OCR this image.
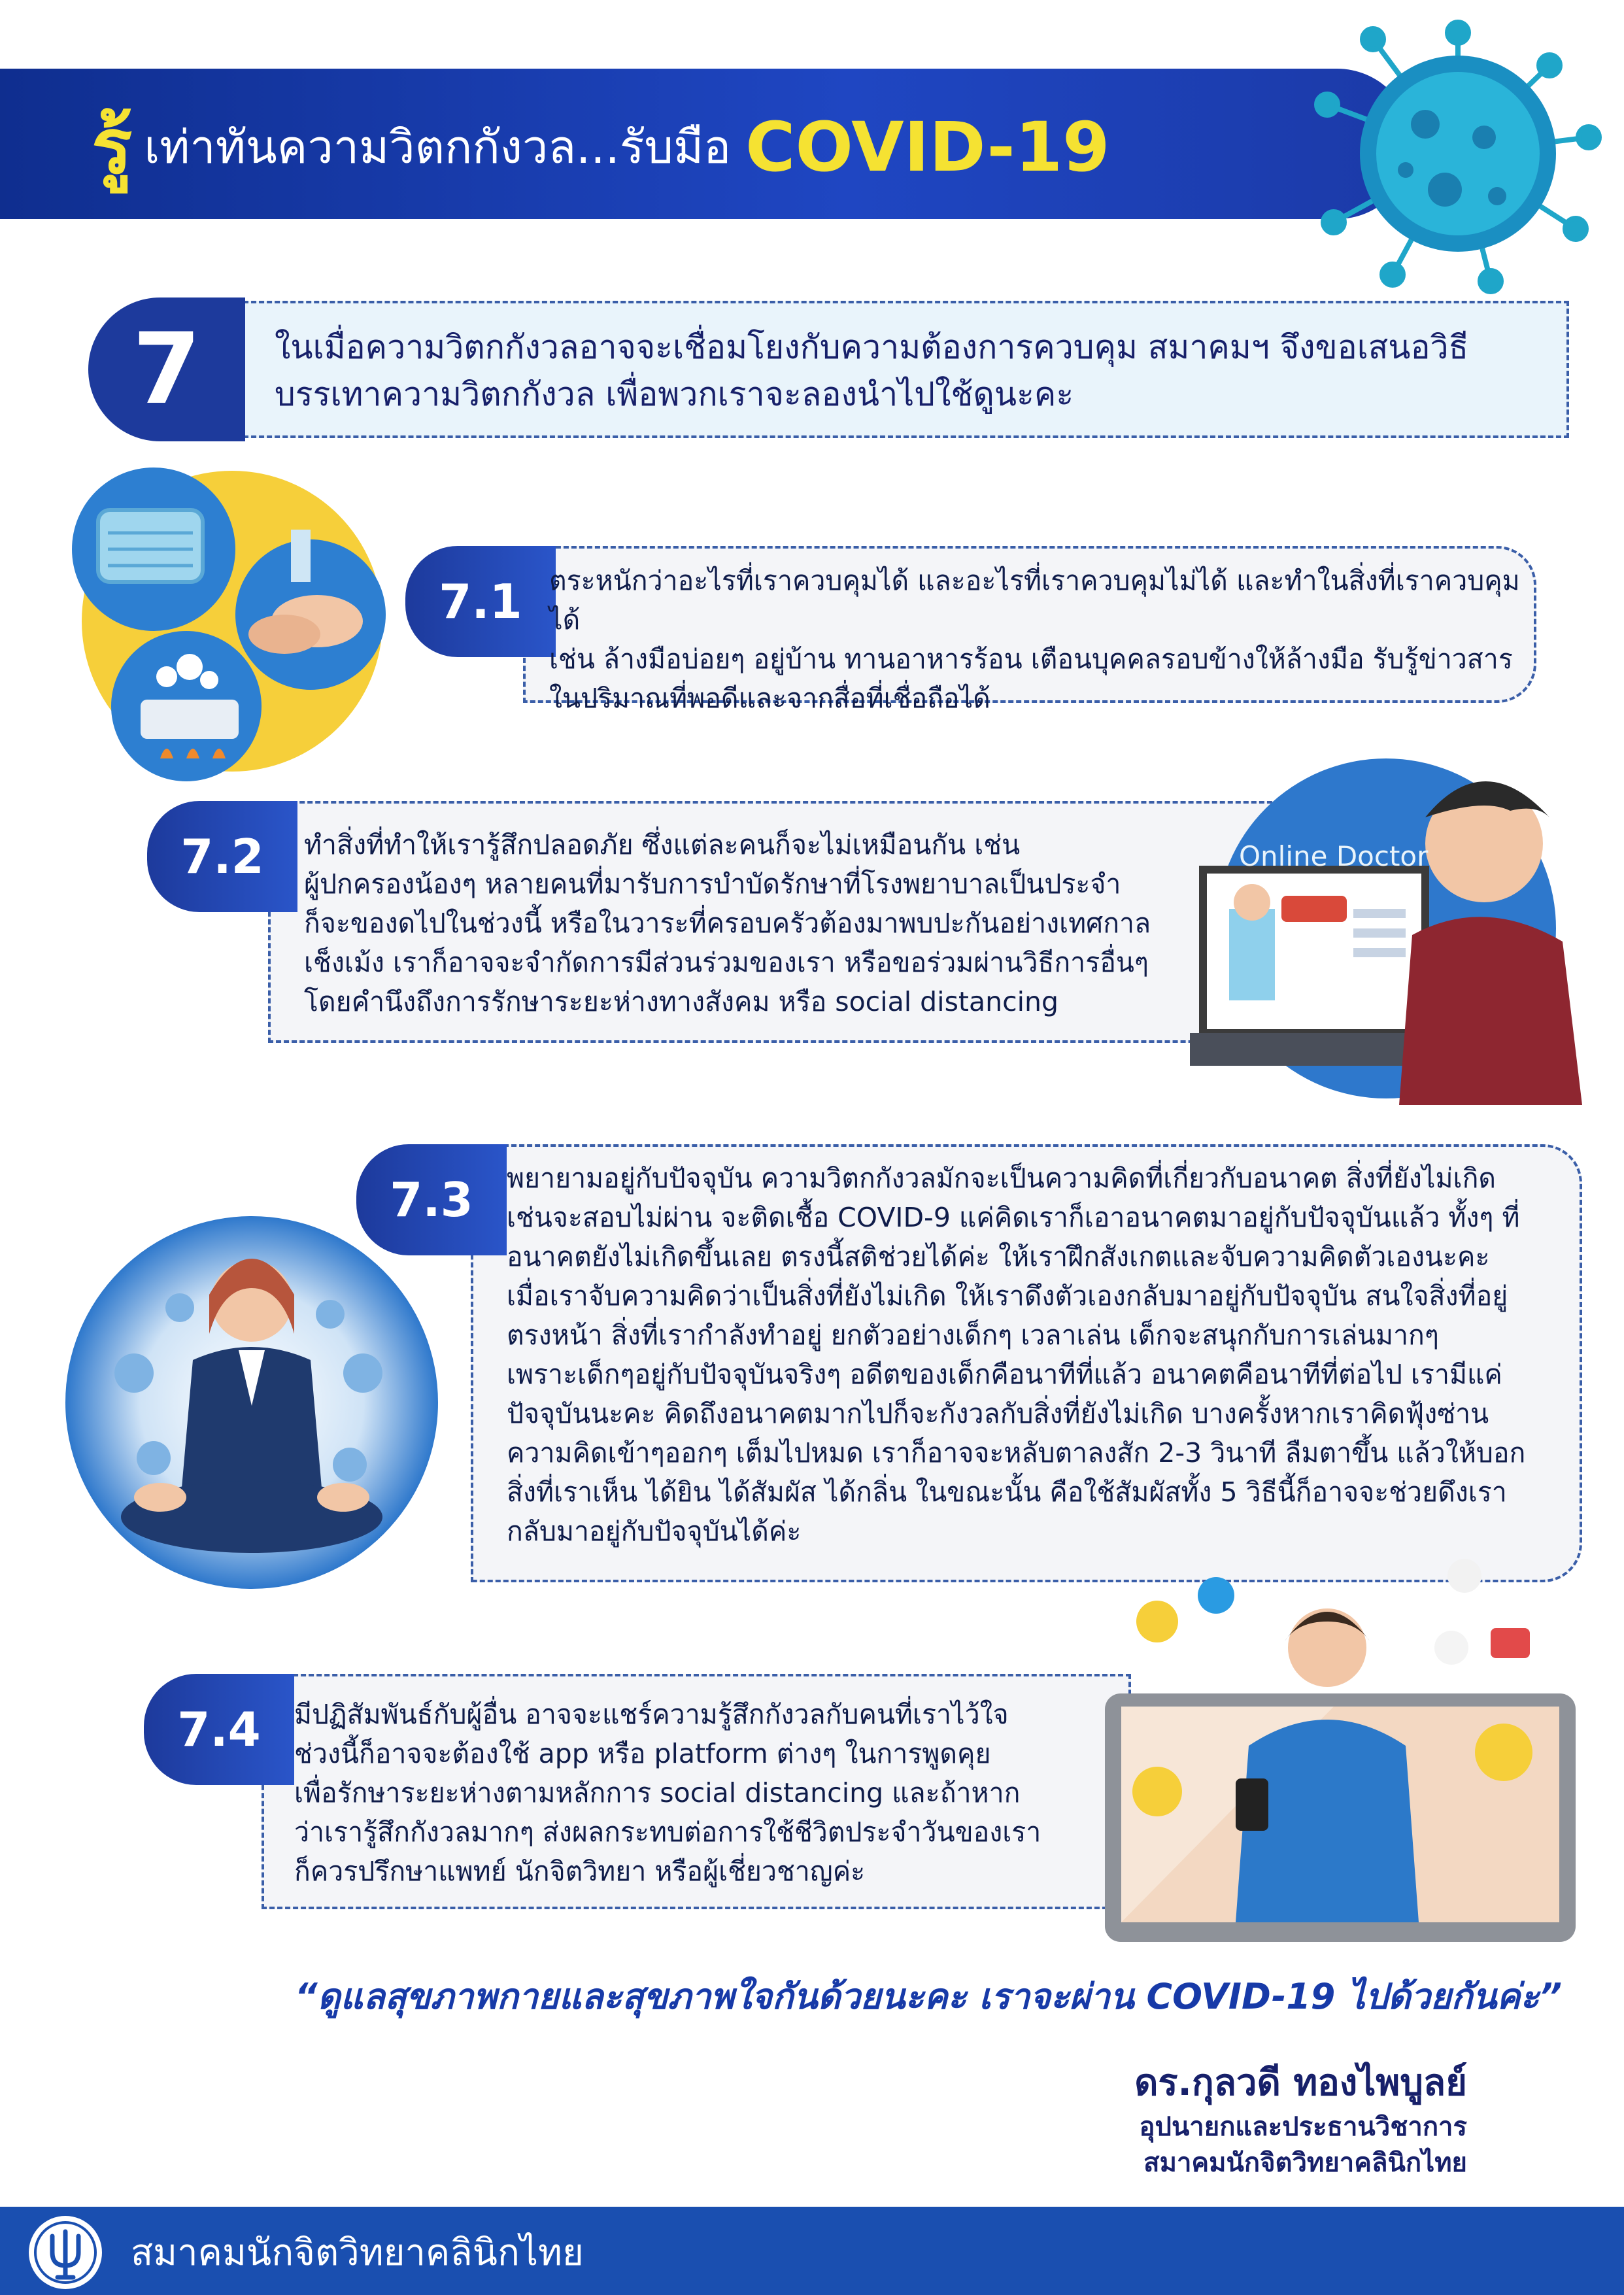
รู้ เท่าทันความวิตกกังวล...รับมือ COVID-19
7	ในเมื่อความวิตกกังวลอาจจะเชื่อมโยงกับความต้องการควบคุม สมาคมฯ จึงขอเสนอวิธี
บรรเทาความวิตกกังวล เพื่อพวกเราจะลองนำไปใช้ดูนะคะ
7.1	ตระหนักว่าอะไรที่เราควบคุมได้ และอะไรที่เราควบคุมไม่ได้ และทำในสิ่งที่เราควบคุมได้
เช่น ล้างมือบ่อยๆ อยู่บ้าน ทานอาหารร้อน เตือนบุคคลรอบข้างให้ล้างมือ รับรู้ข่าวสาร
ในปริมาณที่พอดีและจากสื่อที่เชื่อถือได้
7.2	ทำสิ่งที่ทำให้เรารู้สึกปลอดภัย ซึ่งแต่ละคนก็จะไม่เหมือนกัน เช่น
ผู้ปกครองน้องๆ หลายคนที่มารับการบำบัดรักษาที่โรงพยาบาลเป็นประจำ
ก็จะของดไปในช่วงนี้ หรือในวาระที่ครอบครัวต้องมาพบปะกันอย่างเทศกาล
เช็งเม้ง เราก็อาจจะจำกัดการมีส่วนร่วมของเรา หรือขอร่วมผ่านวิธีการอื่นๆ
โดยคำนึงถึงการรักษาระยะห่างทางสังคม หรือ social distancing
Online Doctor
HELLO!
7.3	พยายามอยู่กับปัจจุบัน ความวิตกกังวลมักจะเป็นความคิดที่เกี่ยวกับอนาคต สิ่งที่ยังไม่เกิด
เช่นจะสอบไม่ผ่าน จะติดเชื้อ COVID-9 แค่คิดเราก็เอาอนาคตมาอยู่กับปัจจุบันแล้ว ทั้งๆ ที่
อนาคตยังไม่เกิดขึ้นเลย ตรงนี้สติช่วยได้ค่ะ ให้เราฝึกสังเกตและจับความคิดตัวเองนะคะ
เมื่อเราจับความคิดว่าเป็นสิ่งที่ยังไม่เกิด ให้เราดึงตัวเองกลับมาอยู่กับปัจจุบัน สนใจสิ่งที่อยู่
ตรงหน้า สิ่งที่เรากำลังทำอยู่ ยกตัวอย่างเด็กๆ เวลาเล่น เด็กจะสนุกกับการเล่นมากๆ
เพราะเด็กๆอยู่กับปัจจุบันจริงๆ อดีตของเด็กคือนาทีที่แล้ว อนาคตคือนาทีที่ต่อไป เรามีแค่
ปัจจุบันนะคะ คิดถึงอนาคตมากไปก็จะกังวลกับสิ่งที่ยังไม่เกิด บางครั้งหากเราคิดฟุ้งซ่าน
ความคิดเข้าๆออกๆ เต็มไปหมด เราก็อาจจะหลับตาลงสัก 2-3 วินาที ลืมตาขึ้น แล้วให้บอก
สิ่งที่เราเห็น ได้ยิน ได้สัมผัส ได้กลิ่น ในขณะนั้น คือใช้สัมผัสทั้ง 5 วิธีนี้ก็อาจจะช่วยดึงเรา
กลับมาอยู่กับปัจจุบันได้ค่ะ
7.4	มีปฏิสัมพันธ์กับผู้อื่น อาจจะแชร์ความรู้สึกกังวลกับคนที่เราไว้ใจ
ช่วงนี้ก็อาจจะต้องใช้ app หรือ platform ต่างๆ ในการพูดคุย
เพื่อรักษาระยะห่างตามหลักการ social distancing และถ้าหาก
ว่าเรารู้สึกกังวลมากๆ ส่งผลกระทบต่อการใช้ชีวิตประจำวันของเรา
ก็ควรปรึกษาแพทย์ นักจิตวิทยา หรือผู้เชี่ยวชาญค่ะ
“ดูแลสุขภาพกายและสุขภาพใจกันด้วยนะคะ เราจะผ่าน COVID-19 ไปด้วยกันค่ะ”
ดร.กุลวดี ทองไพบูลย์
อุปนายกและประธานวิชาการ
สมาคมนักจิตวิทยาคลินิกไทย
สมาคมนักจิตวิทยาคลินิกไทย
